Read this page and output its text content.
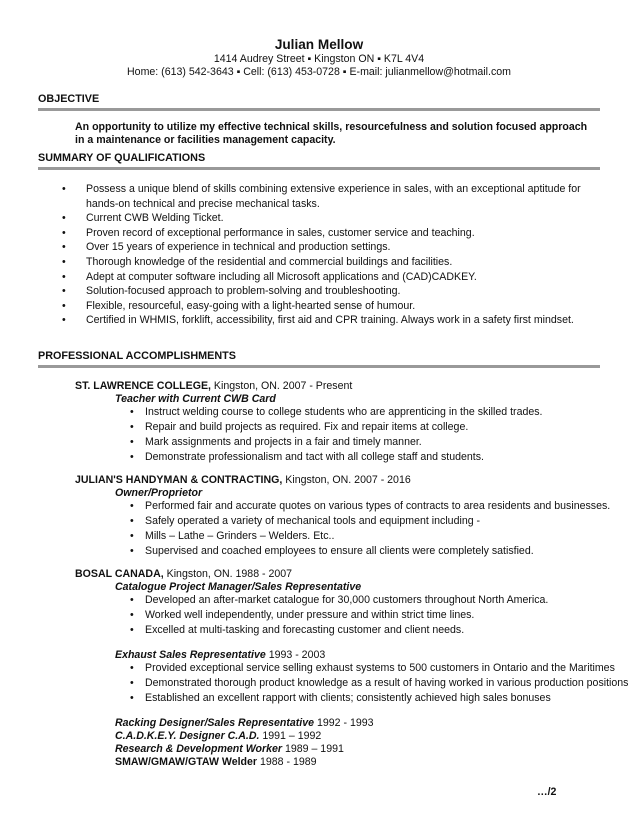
Julian Mellow
1414 Audrey Street ▪ Kingston ON ▪ K7L 4V4
Home: (613) 542-3643 ▪ Cell: (613) 453-0728 ▪ E-mail: julianmellow@hotmail.com
OBJECTIVE
An opportunity to utilize my effective technical skills, resourcefulness and solution focused approach in a maintenance or facilities management capacity.
SUMMARY OF QUALIFICATIONS
• Possess a unique blend of skills combining extensive experience in sales, with an exceptional aptitude for hands-on technical and precise mechanical tasks.
• Current CWB Welding Ticket.
• Proven record of exceptional performance in sales, customer service and teaching.
• Over 15 years of experience in technical and production settings.
• Thorough knowledge of the residential and commercial buildings and facilities.
• Adept at computer software including all Microsoft applications and (CAD)CADKEY.
• Solution-focused approach to problem-solving and troubleshooting.
• Flexible, resourceful, easy-going with a light-hearted sense of humour.
• Certified in WHMIS, forklift, accessibility, first aid and CPR training. Always work in a safety first mindset.
PROFESSIONAL ACCOMPLISHMENTS
ST. LAWRENCE COLLEGE, Kingston, ON. 2007 - Present
Teacher with Current CWB Card
• Instruct welding course to college students who are apprenticing in the skilled trades.
• Repair and build projects as required. Fix and repair items at college.
• Mark assignments and projects in a fair and timely manner.
• Demonstrate professionalism and tact with all college staff and students.
JULIAN'S HANDYMAN & CONTRACTING, Kingston, ON. 2007 - 2016
Owner/Proprietor
• Performed fair and accurate quotes on various types of contracts to area residents and businesses.
• Safely operated a variety of mechanical tools and equipment including -
• Mills – Lathe – Grinders – Welders. Etc..
• Supervised and coached employees to ensure all clients were completely satisfied.
BOSAL CANADA, Kingston, ON. 1988 - 2007
Catalogue Project Manager/Sales Representative
• Developed an after-market catalogue for 30,000 customers throughout North America.
• Worked well independently, under pressure and within strict time lines.
• Excelled at multi-tasking and forecasting customer and client needs.
Exhaust Sales Representative 1993 - 2003
• Provided exceptional service selling exhaust systems to 500 customers in Ontario and the Maritimes
• Demonstrated thorough product knowledge as a result of having worked in various production positions
• Established an excellent rapport with clients; consistently achieved high sales bonuses
Racking Designer/Sales Representative 1992 - 1993
C.A.D.K.E.Y. Designer C.A.D. 1991 – 1992
Research & Development Worker 1989 – 1991
SMAW/GMAW/GTAW Welder 1988 - 1989
…/2
